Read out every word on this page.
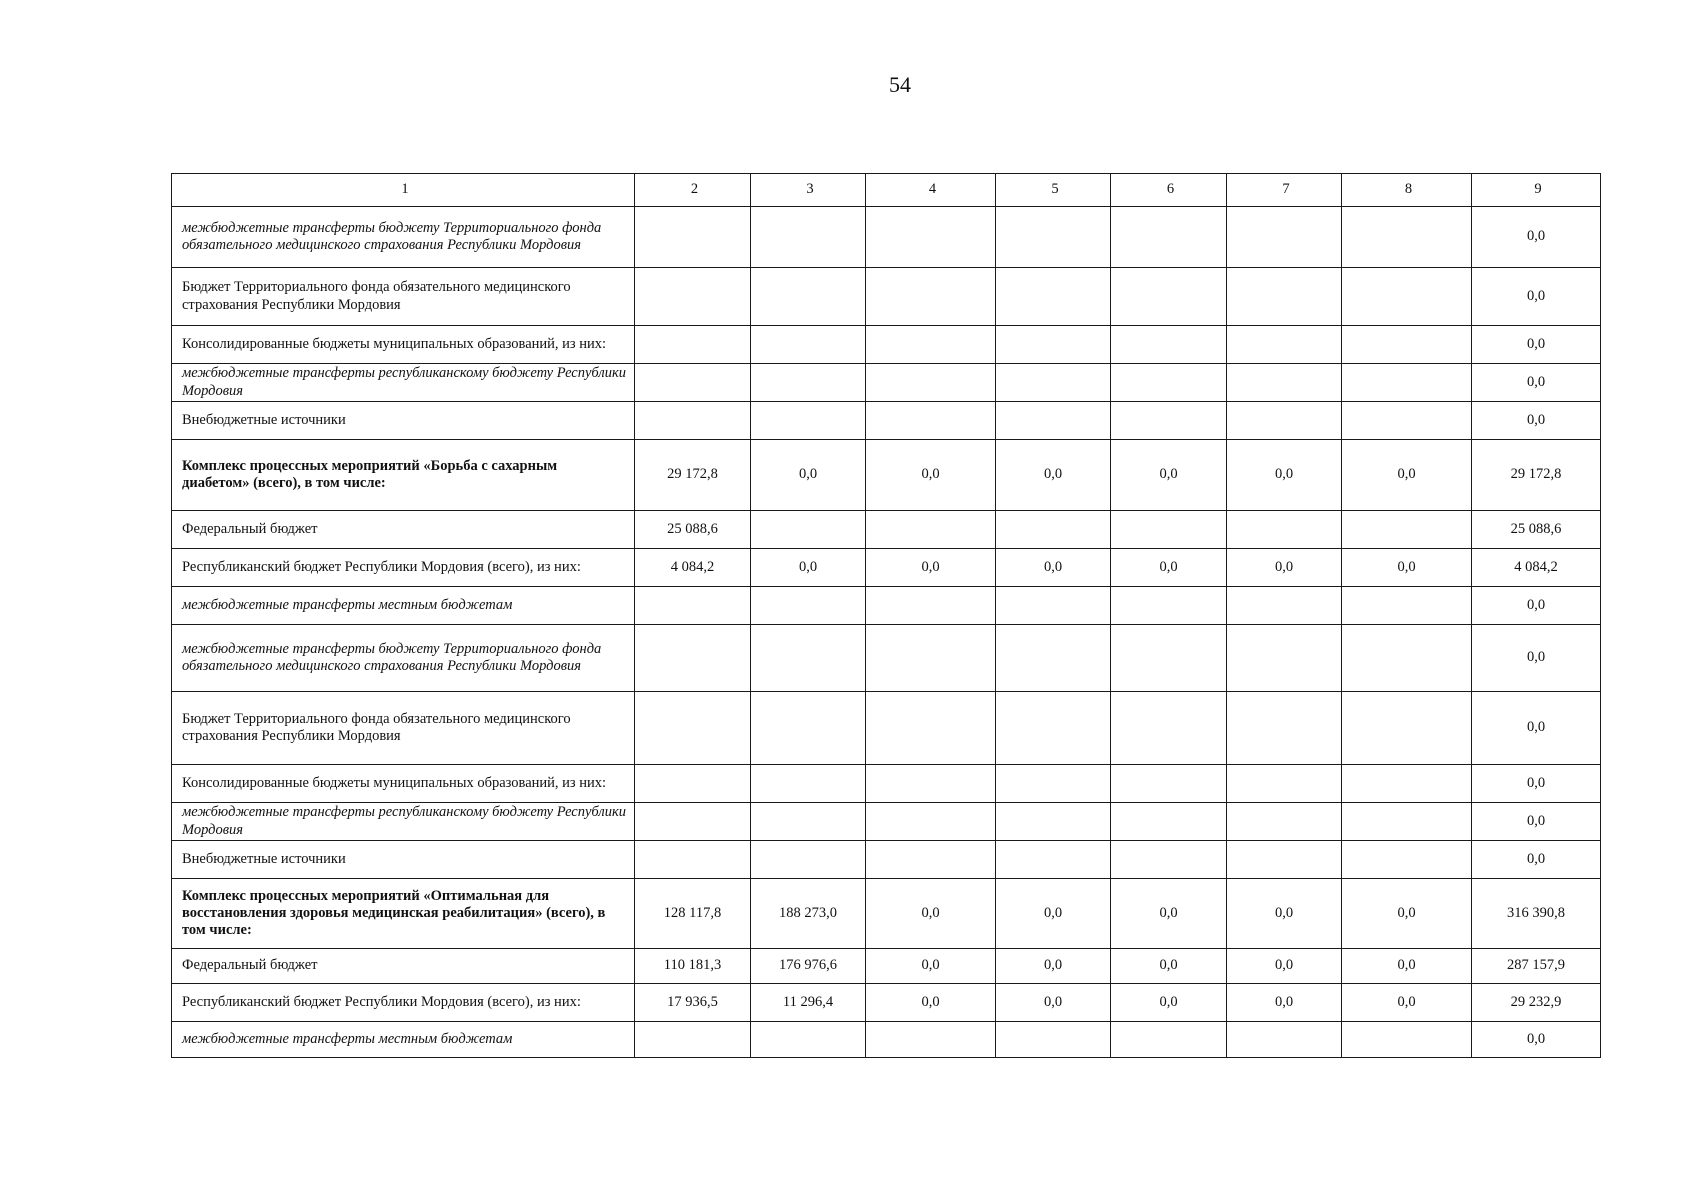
54
1	2	3	4	5	6	7	8	9

межбюджетные трансферты бюджету Территориального фонда обязательного медицинского страхования Республики Мордовия								0,0

Бюджет Территориального фонда обязательного медицинского страхования Республики Мордовия								0,0

Консолидированные бюджеты муниципальных образований, из них:								0,0

межбюджетные трансферты республиканскому бюджету Республики Мордовия								0,0

Внебюджетные источники								0,0

Комплекс процессных мероприятий «Борьба с сахарным диабетом» (всего), в том числе:	29 172,8	0,0	0,0	0,0	0,0	0,0	0,0	29 172,8

Федеральный бюджет	25 088,6							25 088,6

Республиканский бюджет Республики Мордовия (всего), из них:	4 084,2	0,0	0,0	0,0	0,0	0,0	0,0	4 084,2

межбюджетные трансферты местным бюджетам								0,0

межбюджетные трансферты бюджету Территориального фонда обязательного медицинского страхования Республики Мордовия								0,0

Бюджет Территориального фонда обязательного медицинского страхования Республики Мордовия								0,0

Консолидированные бюджеты муниципальных образований, из них:								0,0

межбюджетные трансферты республиканскому бюджету Республики Мордовия								0,0

Внебюджетные источники								0,0

Комплекс процессных мероприятий «Оптимальная для восстановления здоровья медицинская реабилитация» (всего), в том числе:	128 117,8	188 273,0	0,0	0,0	0,0	0,0	0,0	316 390,8

Федеральный бюджет	110 181,3	176 976,6	0,0	0,0	0,0	0,0	0,0	287 157,9

Республиканский бюджет Республики Мордовия (всего), из них:	17 936,5	11 296,4	0,0	0,0	0,0	0,0	0,0	29 232,9

межбюджетные трансферты местным бюджетам								0,0
